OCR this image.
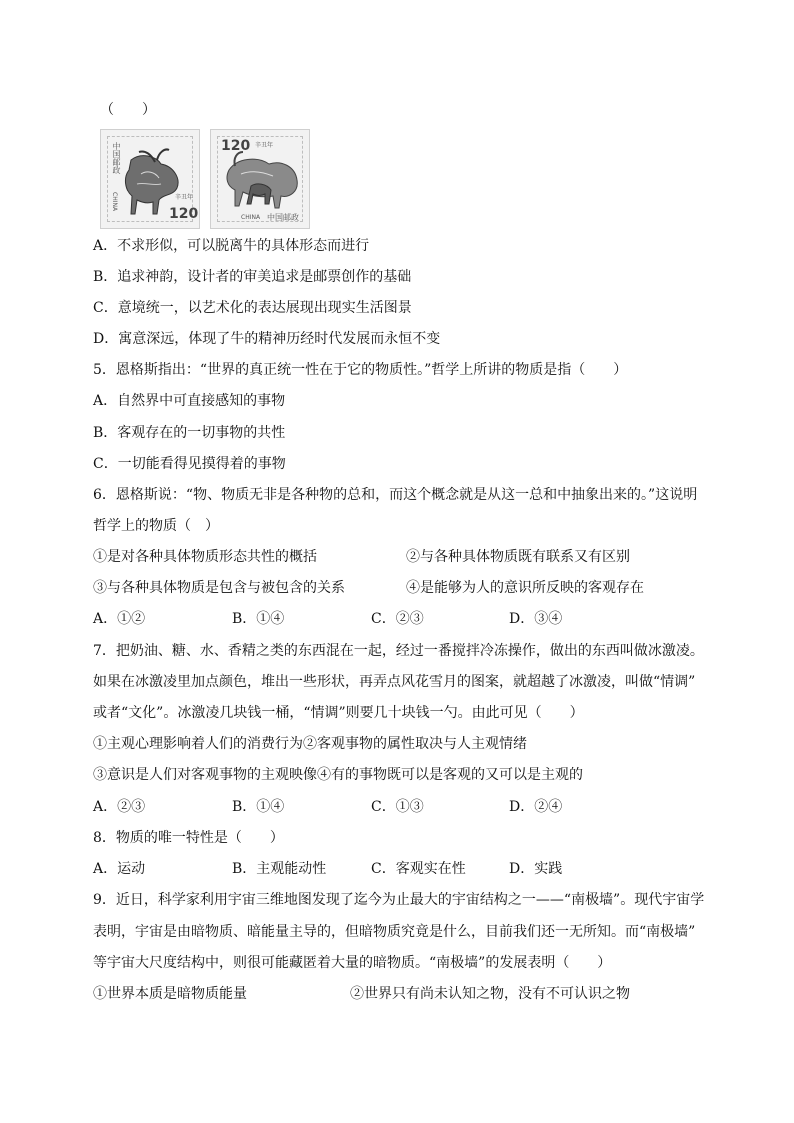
（　　）
中国邮政
CHINA
120
辛丑年
120 辛丑年
CHINA 中国邮政
A．不求形似，可以脱离牛的具体形态而进行
B．追求神韵，设计者的审美追求是邮票创作的基础
C．意境统一，以艺术化的表达展现出现实生活图景
D．寓意深远，体现了牛的精神历经时代发展而永恒不变
5．恩格斯指出：“世界的真正统一性在于它的物质性。”哲学上所讲的物质是指（　　）
A．自然界中可直接感知的事物
B．客观存在的一切事物的共性
C．一切能看得见摸得着的事物
6．恩格斯说：“物、物质无非是各种物的总和，而这个概念就是从这一总和中抽象出来的。”这说明
哲学上的物质（　）
①是对各种具体物质形态共性的概括	②与各种具体物质既有联系又有区别
③与各种具体物质是包含与被包含的关系	④是能够为人的意识所反映的客观存在
A．①②	B．①④	C．②③	D．③④
7．把奶油、糖、水、香精之类的东西混在一起，经过一番搅拌冷冻操作，做出的东西叫做冰激凌。
如果在冰激凌里加点颜色，堆出一些形状，再弄点风花雪月的图案，就超越了冰激凌，叫做“情调”
或者“文化”。冰激凌几块钱一桶，“情调”则要几十块钱一勺。由此可见（　　）
①主观心理影响着人们的消费行为②客观事物的属性取决与人主观情绪
③意识是人们对客观事物的主观映像④有的事物既可以是客观的又可以是主观的
A．②③	B．①④	C．①③	D．②④
8．物质的唯一特性是（　　）
A．运动	B．主观能动性	C．客观实在性	D．实践
9．近日，科学家利用宇宙三维地图发现了迄今为止最大的宇宙结构之一——“南极墙”。现代宇宙学
表明，宇宙是由暗物质、暗能量主导的，但暗物质究竟是什么，目前我们还一无所知。而“南极墙”
等宇宙大尺度结构中，则很可能藏匿着大量的暗物质。“南极墙”的发展表明（　　）
①世界本质是暗物质能量	②世界只有尚未认知之物，没有不可认识之物
